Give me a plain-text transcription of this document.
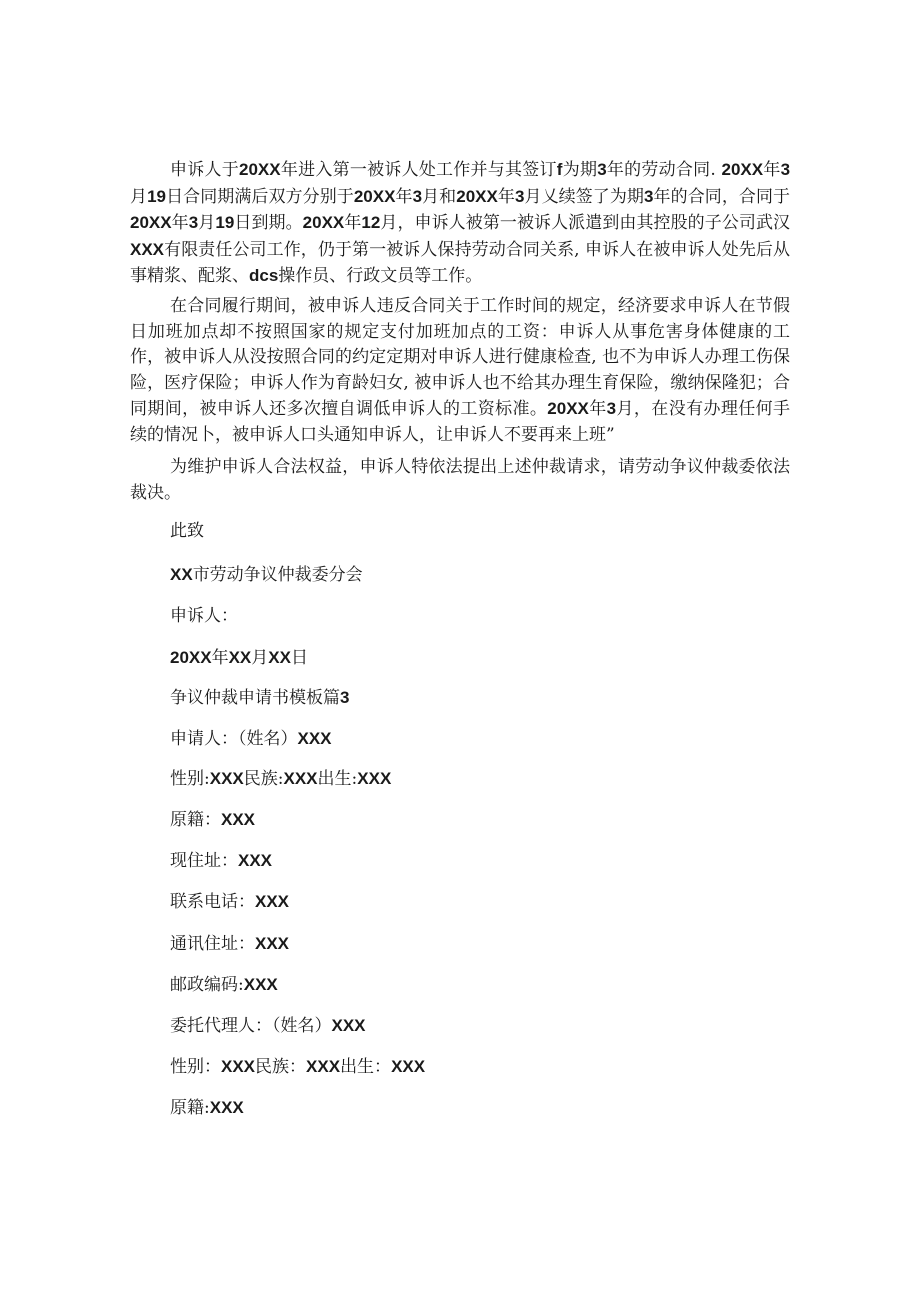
申诉人于20XX年进入第一被诉人处工作并与其签订f为期3年的劳动合同. 20XX年3月19日合同期满后双方分别于20XX年3月和20XX年3月乂续签了为期3年的合同，合同于20XX年3月19日到期。20XX年12月，申诉人被第一被诉人派遣到由其控股的子公司武汉XXX有限责任公司工作，仍于第一被诉人保持劳动合同关系, 申诉人在被申诉人处先后从事精浆、配浆、dcs操作员、行政文员等工作。

在合同履行期间，被申诉人违反合同关于工作时间的规定，经济要求申诉人在节假日加班加点却不按照国家的规定支付加班加点的工资：申诉人从事危害身体健康的工作，被申诉人从没按照合同的约定定期对申诉人进行健康检查, 也不为申诉人办理工伤保险，医疗保险；申诉人作为育龄妇女, 被申诉人也不给其办理生育保险，缴纳保隆犯；合同期间，被申诉人还多次擅自调低申诉人的工资标准。20XX年3月，在没有办理任何手续的情况卜，被申诉人口头通知申诉人，让申诉人不要再来上班”

为维护申诉人合法权益，申诉人特依法提出上述仲裁请求，请劳动争议仲裁委依法裁决。

此致

XX市劳动争议仲裁委分会

申诉人：

20XX年XX月XX日

争议仲裁申请书模板篇3

申请人：（姓名）XXX

性别:XXX民族:XXX出生:XXX

原籍：XXX

现住址：XXX

联系电话：XXX

通讯住址：XXX

邮政编码:XXX

委托代理人：（姓名）XXX

性别：XXX民族：XXX出生：XXX

原籍:XXX
